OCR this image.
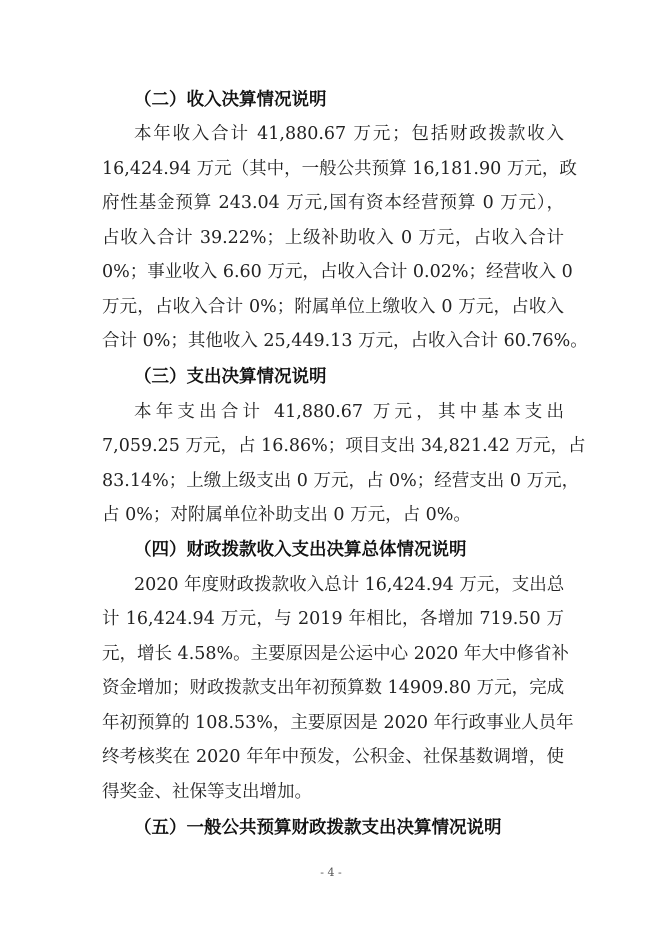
（二）收入决算情况说明
本年收入合计 41,880.67 万元；包括财政拨款收入
16,424.94 万元（其中，一般公共预算 16,181.90 万元，政
府性基金预算 243.04 万元,国有资本经营预算 0 万元），
占收入合计 39.22%；上级补助收入 0 万元，占收入合计
0%；事业收入 6.60 万元，占收入合计 0.02%；经营收入 0
万元，占收入合计 0%；附属单位上缴收入 0 万元，占收入
合计 0%；其他收入 25,449.13 万元，占收入合计 60.76%。
（三）支出决算情况说明
本年支出合计 41,880.67 万元，其中基本支出
7,059.25 万元，占 16.86%；项目支出 34,821.42 万元，占
83.14%；上缴上级支出 0 万元，占 0%；经营支出 0 万元，
占 0%；对附属单位补助支出 0 万元，占 0%。
（四）财政拨款收入支出决算总体情况说明
2020 年度财政拨款收入总计 16,424.94 万元，支出总
计 16,424.94 万元，与 2019 年相比，各增加 719.50 万
元，增长 4.58%。主要原因是公运中心 2020 年大中修省补
资金增加；财政拨款支出年初预算数 14909.80 万元，完成
年初预算的 108.53%，主要原因是 2020 年行政事业人员年
终考核奖在 2020 年年中预发，公积金、社保基数调增，使
得奖金、社保等支出增加。
（五）一般公共预算财政拨款支出决算情况说明
- 4 -
